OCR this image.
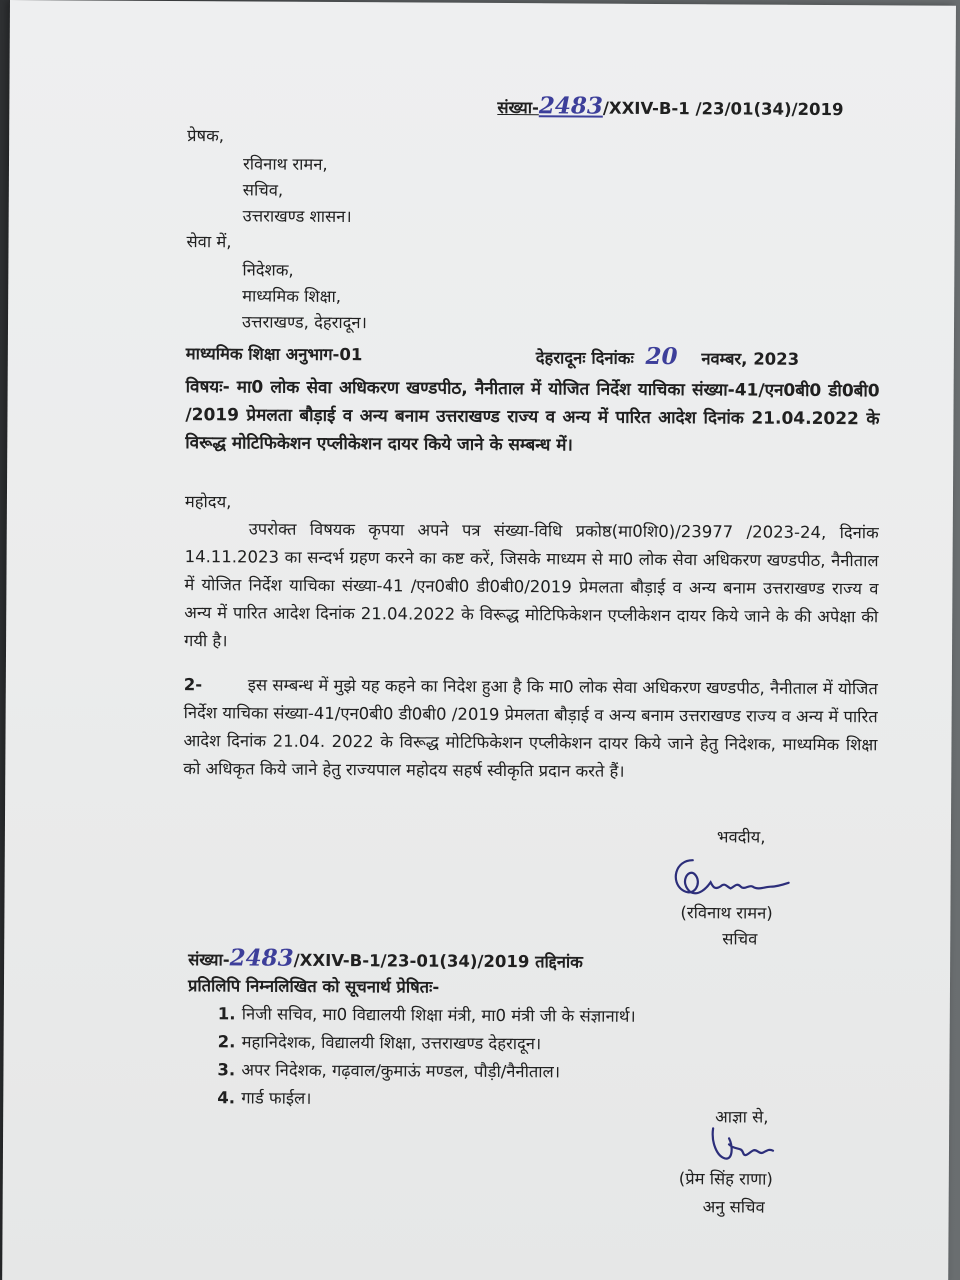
संख्या-2483/XXIV-B-1 /23/01(34)/2019
प्रेषक,
रविनाथ रामन,
सचिव,
उत्तराखण्ड शासन।
सेवा में,
निदेशक,
माध्यमिक शिक्षा,
उत्तराखण्ड, देहरादून।
माध्यमिक शिक्षा अनुभाग-01	देहरादूनः दिनांकः 20 नवम्बर, 2023
विषयः- मा0 लोक सेवा अधिकरण खण्डपीठ, नैनीताल में योजित निर्देश याचिका संख्या-41/एन0बी0 डी0बी0 /2019 प्रेमलता बौड़ाई व अन्य बनाम उत्तराखण्ड राज्य व अन्य में पारित आदेश दिनांक 21.04.2022 के विरूद्ध मोटिफिकेशन एप्लीकेशन दायर किये जाने के सम्बन्ध में।
महोदय,
उपरोक्त विषयक कृपया अपने पत्र संख्या-विधि प्रकोष्ठ(मा0शि0)/23977 /2023-24, दिनांक 14.11.2023 का सन्दर्भ ग्रहण करने का कष्ट करें, जिसके माध्यम से मा0 लोक सेवा अधिकरण खण्डपीठ, नैनीताल में योजित निर्देश याचिका संख्या-41 /एन0बी0 डी0बी0/2019 प्रेमलता बौड़ाई व अन्य बनाम उत्तराखण्ड राज्य व अन्य में पारित आदेश दिनांक 21.04.2022 के विरूद्ध मोटिफिकेशन एप्लीकेशन दायर किये जाने के की अपेक्षा की गयी है।
2-	इस सम्बन्ध में मुझे यह कहने का निदेश हुआ है कि मा0 लोक सेवा अधिकरण खण्डपीठ, नैनीताल में योजित निर्देश याचिका संख्या-41/एन0बी0 डी0बी0 /2019 प्रेमलता बौड़ाई व अन्य बनाम उत्तराखण्ड राज्य व अन्य में पारित आदेश दिनांक 21.04. 2022 के विरूद्ध मोटिफिकेशन एप्लीकेशन दायर किये जाने हेतु निदेशक, माध्यमिक शिक्षा को अधिकृत किये जाने हेतु राज्यपाल महोदय सहर्ष स्वीकृति प्रदान करते हैं।
भवदीय,
(रविनाथ रामन)
सचिव
संख्या-2483/XXIV-B-1/23-01(34)/2019 तद्दिनांक
प्रतिलिपि निम्नलिखित को सूचनार्थ प्रेषितः-
1. निजी सचिव, मा0 विद्यालयी शिक्षा मंत्री, मा0 मंत्री जी के संज्ञानार्थ।
2. महानिदेशक, विद्यालयी शिक्षा, उत्तराखण्ड देहरादून।
3. अपर निदेशक, गढ़वाल/कुमाऊं मण्डल, पौड़ी/नैनीताल।
4. गार्ड फाईल।
आज्ञा से,
(प्रेम सिंह राणा)
अनु सचिव
